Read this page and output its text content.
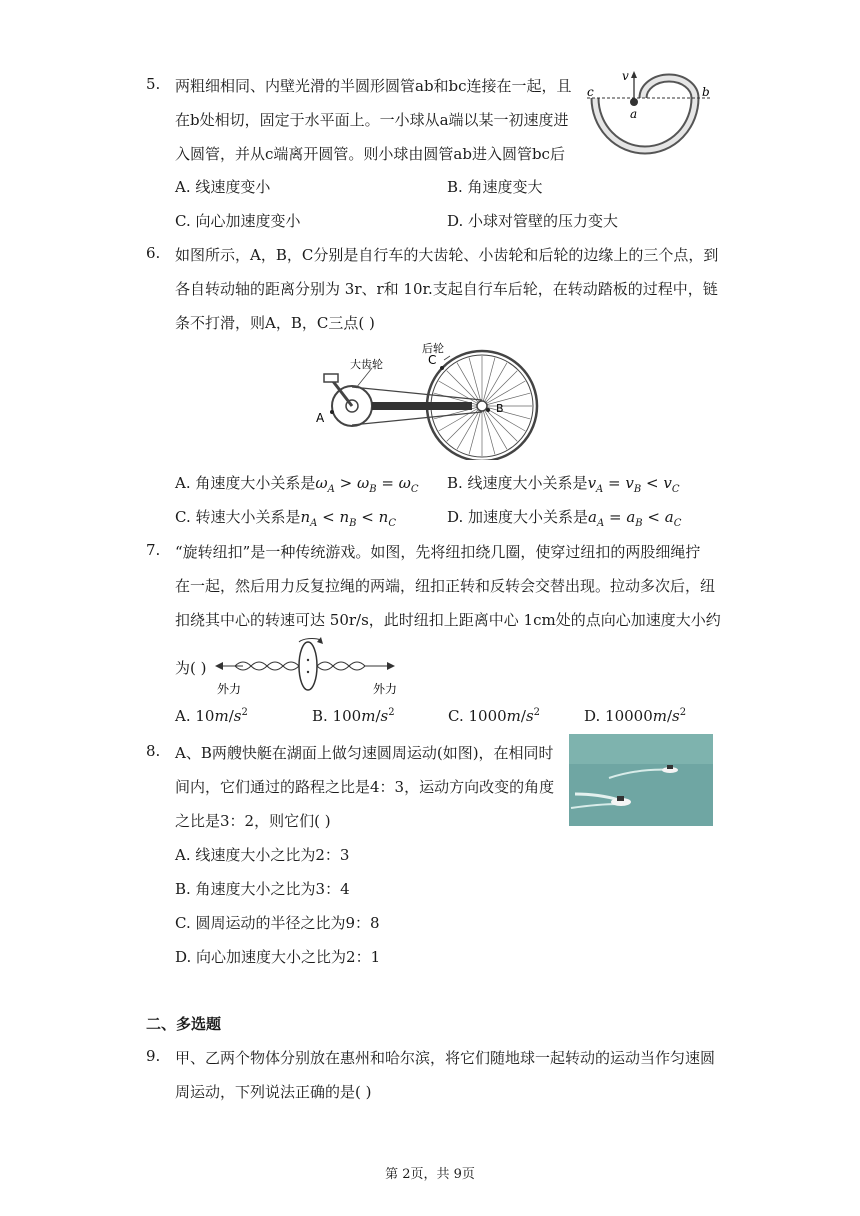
5. 两粗细相同、内壁光滑的半圆形圆管ab和bc连接在一起，且
在b处相切，固定于水平面上。一小球从a端以某一初速度进
入圆管，并从c端离开圆管。则小球由圆管ab进入圆管bc后
v
a
b
c
A. 线速度变小	B. 角速度变大
C. 向心加速度变小	D. 小球对管壁的压力变大
6. 如图所示，A，B，C分别是自行车的大齿轮、小齿轮和后轮的边缘上的三个点，到
各自转动轴的距离分别为 3r、r和 10r.支起自行车后轮，在转动踏板的过程中，链
条不打滑，则A，B，C三点( )
后轮
大齿轮
A
B
C
A. 角速度大小关系是$\omega_A > \omega_B = \omega_C$ B. 线速度大小关系是$v_A = v_B < v_C$
C. 转速大小关系是$n_A < n_B < n_C$	D. 加速度大小关系是$a_A = a_B < a_C$
7. “旋转纽扣”是一种传统游戏。如图，先将纽扣绕几圈，使穿过纽扣的两股细绳拧
在一起，然后用力反复拉绳的两端，纽扣正转和反转会交替出现。拉动多次后，纽
扣绕其中心的转速可达 50r/s，此时纽扣上距离中心 1cm处的点向心加速度大小约
为( )
外力	外力
A. $10m/s^2$	B. $100m/s^2$	C. $1000m/s^2$	D. $10000m/s^2$
8. A、B两艘快艇在湖面上做匀速圆周运动(如图)，在相同时
间内，它们通过的路程之比是4：3，运动方向改变的角度
之比是3：2，则它们( )
A. 线速度大小之比为2：3
B. 角速度大小之比为3：4
C. 圆周运动的半径之比为9：8
D. 向心加速度大小之比为2：1
二、多选题
9. 甲、乙两个物体分别放在惠州和哈尔滨，将它们随地球一起转动的运动当作匀速圆
周运动，下列说法正确的是( )
第 2页，共 9页
